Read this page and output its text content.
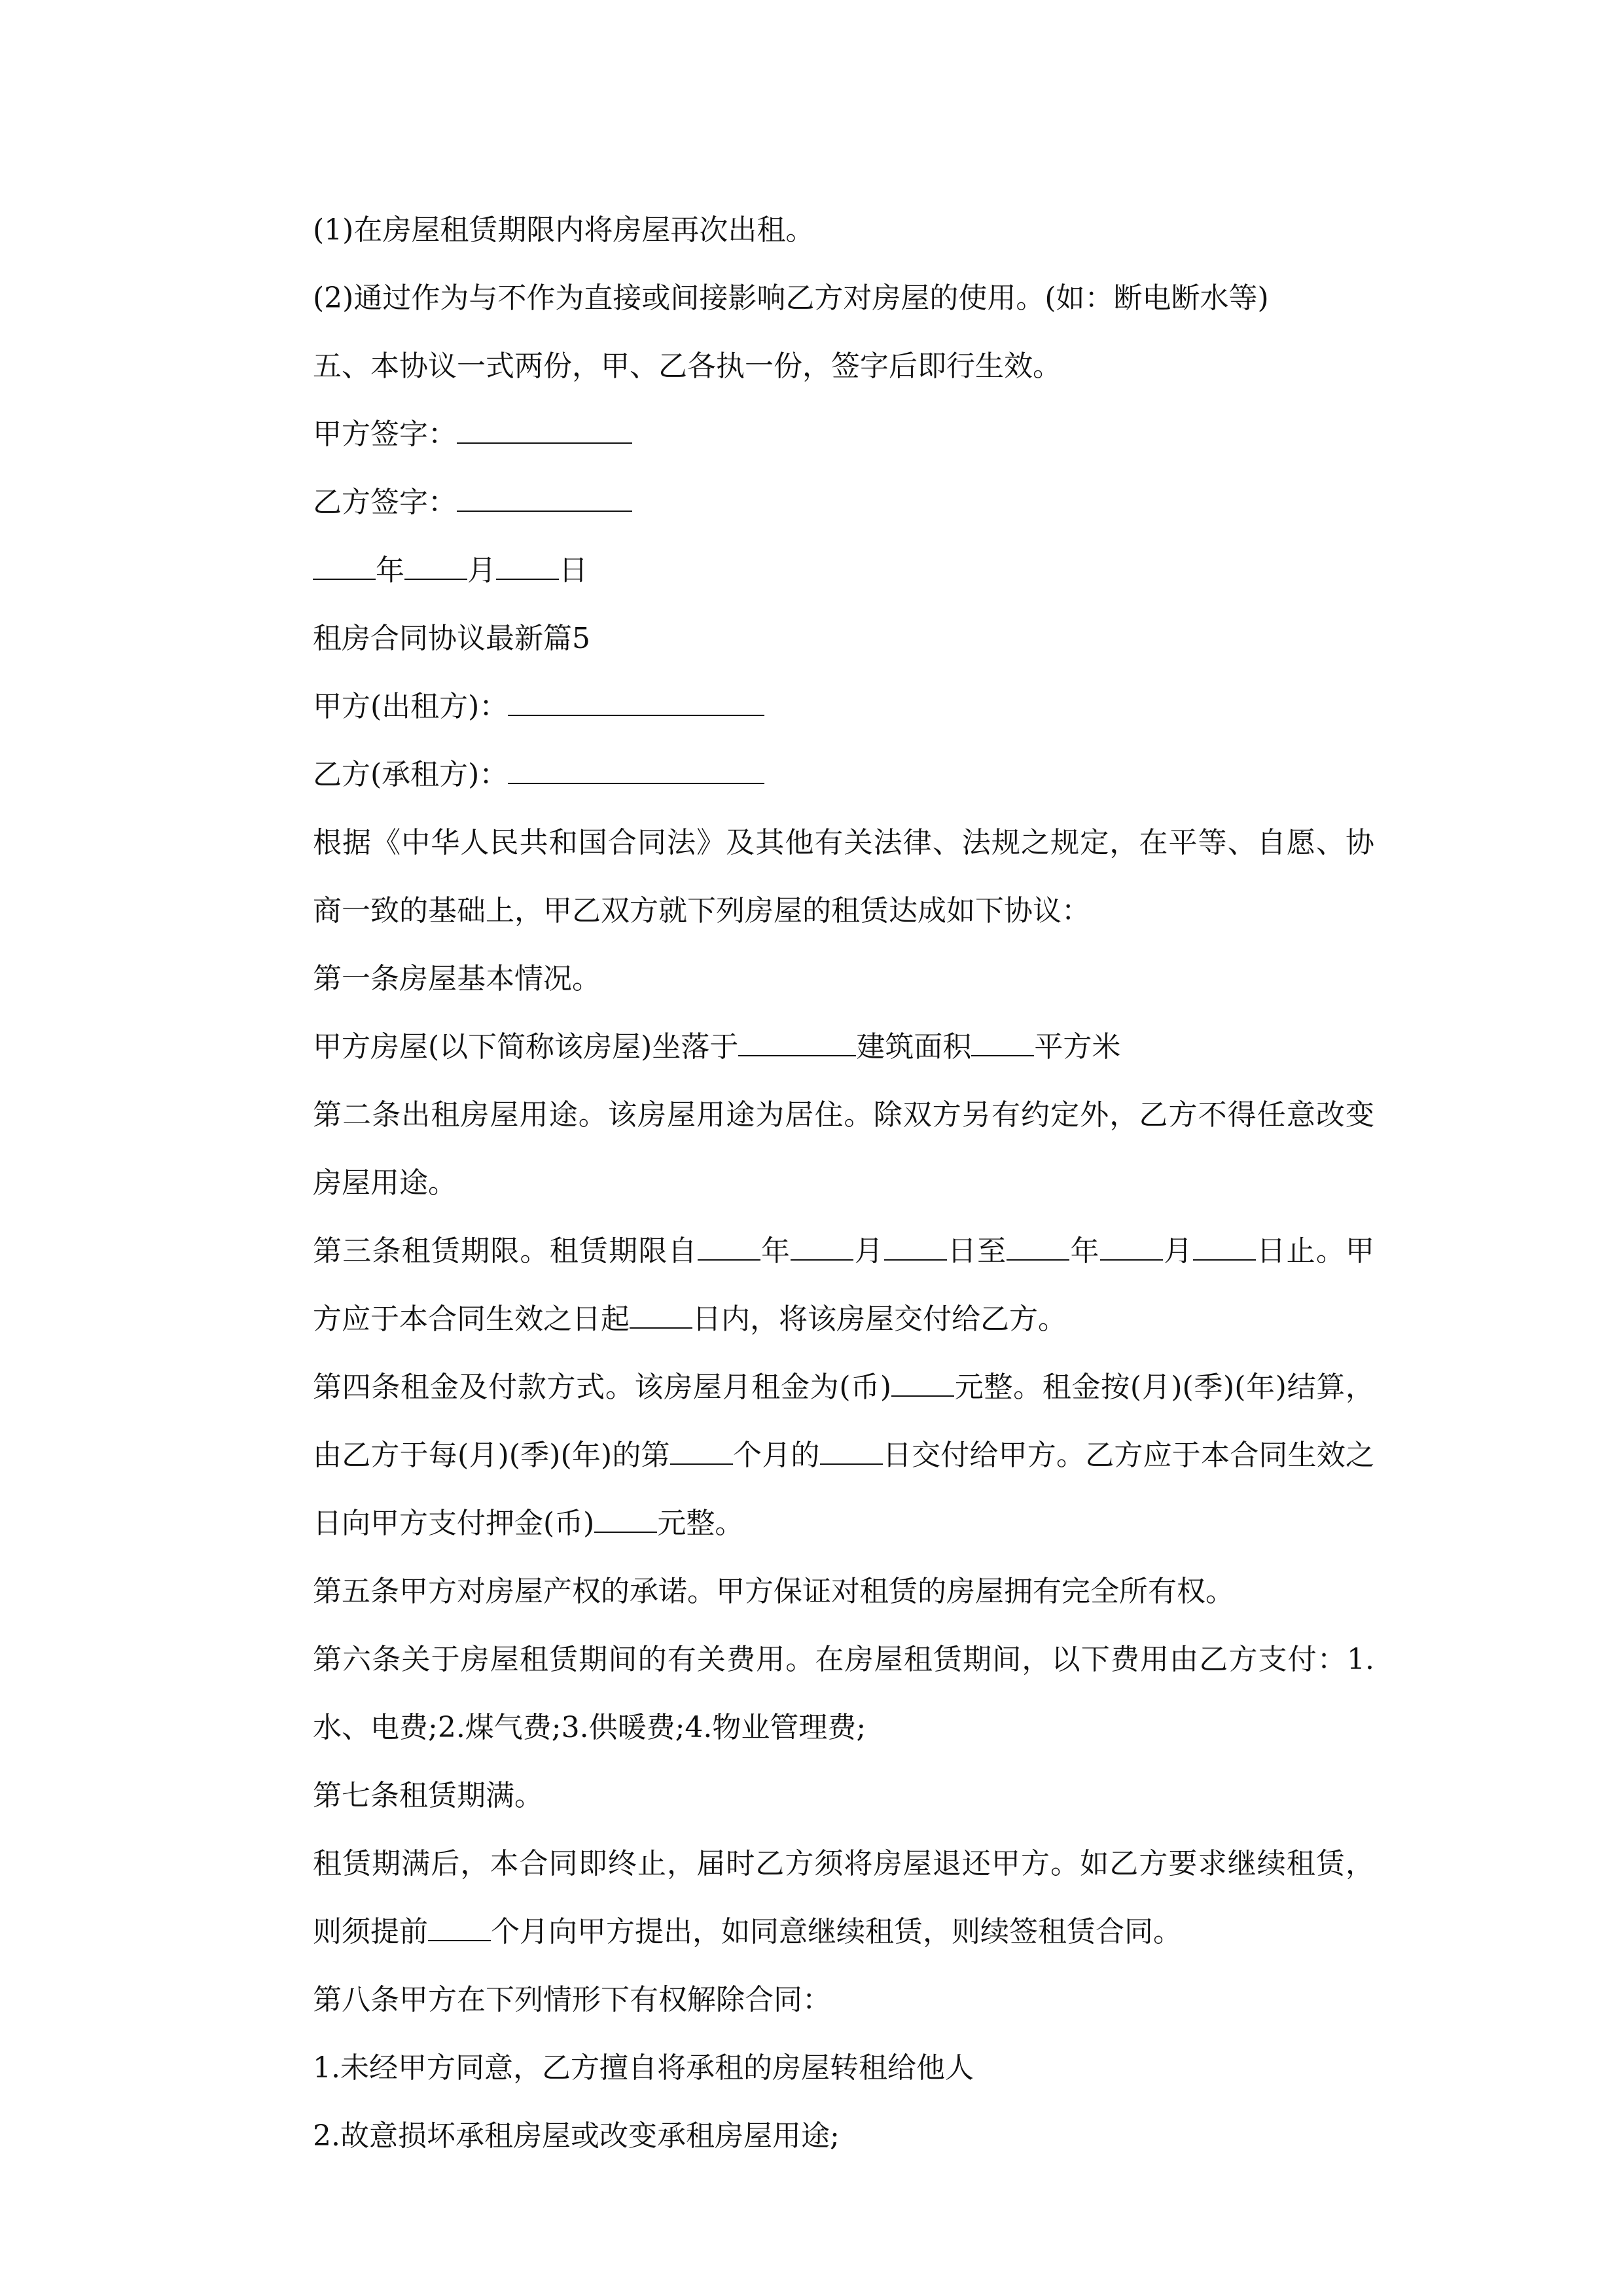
(1)在房屋租赁期限内将房屋再次出租。

(2)通过作为与不作为直接或间接影响乙方对房屋的使用。(如：断电断水等)

五、本协议一式两份，甲、乙各执一份，签字后即行生效。

甲方签字：

乙方签字：

年 月 日

租房合同协议最新篇5

甲方(出租方)：

乙方(承租方)：

根据《中华人民共和国合同法》及其他有关法律、法规之规定，在平等、自愿、协商一致的基础上，甲乙双方就下列房屋的租赁达成如下协议：

第一条房屋基本情况。

甲方房屋(以下简称该房屋)坐落于	建筑面积 平方米

第二条出租房屋用途。该房屋用途为居住。除双方另有约定外，乙方不得任意改变房屋用途。

第三条租赁期限。租赁期限自 年 月 日至 年 月 日止。甲方应于本合同生效之日起 日内，将该房屋交付给乙方。

第四条租金及付款方式。该房屋月租金为(币) 元整。租金按(月)(季)(年)结算，由乙方于每(月)(季)(年)的第 个月的 日交付给甲方。乙方应于本合同生效之日向甲方支付押金(币) 元整。

第五条甲方对房屋产权的承诺。甲方保证对租赁的房屋拥有完全所有权。

第六条关于房屋租赁期间的有关费用。在房屋租赁期间，以下费用由乙方支付：1.水、电费;2.煤气费;3.供暖费;4.物业管理费;

第七条租赁期满。

租赁期满后，本合同即终止，届时乙方须将房屋退还甲方。如乙方要求继续租赁，则须提前 个月向甲方提出，如同意继续租赁，则续签租赁合同。

第八条甲方在下列情形下有权解除合同：

1.未经甲方同意，乙方擅自将承租的房屋转租给他人

2.故意损坏承租房屋或改变承租房屋用途;
